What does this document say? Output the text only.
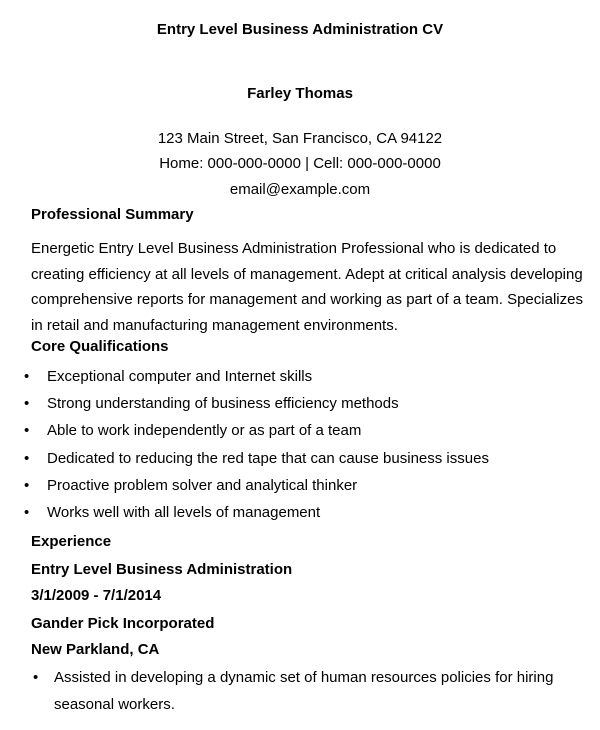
Entry Level Business Administration CV
Farley Thomas
123 Main Street, San Francisco, CA 94122
Home: 000-000-0000 | Cell: 000-000-0000
email@example.com
Professional Summary
Energetic Entry Level Business Administration Professional who is dedicated to
creating efficiency at all levels of management. Adept at critical analysis developing
comprehensive reports for management and working as part of a team. Specializes
in retail and manufacturing management environments.
Core Qualifications
• Exceptional computer and Internet skills
• Strong understanding of business efficiency methods
• Able to work independently or as part of a team
• Dedicated to reducing the red tape that can cause business issues
• Proactive problem solver and analytical thinker
• Works well with all levels of management
Experience
Entry Level Business Administration
3/1/2009 - 7/1/2014
Gander Pick Incorporated
New Parkland, CA
• Assisted in developing a dynamic set of human resources policies for hiring
seasonal workers.
